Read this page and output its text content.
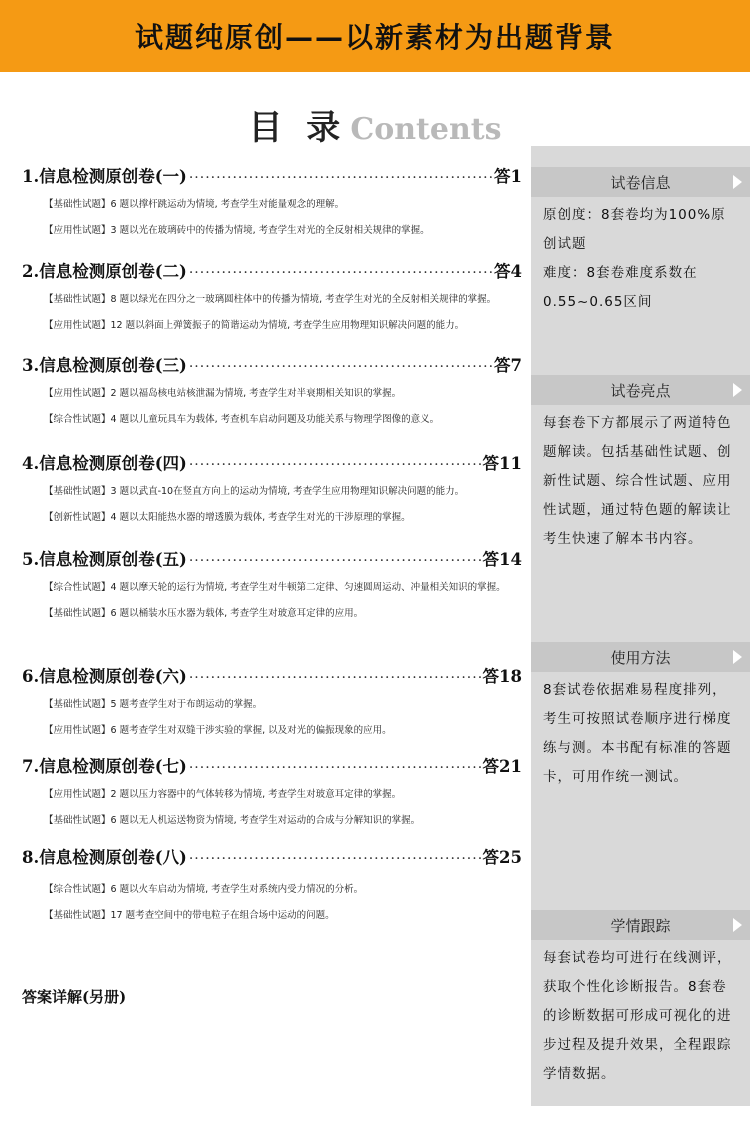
试题纯原创——以新素材为出题背景
目 录 Contents
1.信息检测原创卷(一) ·····	答1
【基础性试题】6 题以撑杆跳运动为情境, 考查学生对能量观念的理解。
【应用性试题】3 题以光在玻璃砖中的传播为情境, 考查学生对光的全反射相关规律的掌握。
2.信息检测原创卷(二) ·····	答4
【基础性试题】8 题以绿光在四分之一玻璃圆柱体中的传播为情境, 考查学生对光的全反射相关规律的掌握。
【应用性试题】12 题以斜面上弹簧振子的简谐运动为情境, 考查学生应用物理知识解决问题的能力。
3.信息检测原创卷(三) ·····	答7
【应用性试题】2 题以福岛核电站核泄漏为情境, 考查学生对半衰期相关知识的掌握。
【综合性试题】4 题以儿童玩具车为载体, 考查机车启动问题及功能关系与物理学图像的意义。
4.信息检测原创卷(四) ·····	答11
【基础性试题】3 题以武直-10在竖直方向上的运动为情境, 考查学生应用物理知识解决问题的能力。
【创新性试题】4 题以太阳能热水器的增透膜为载体, 考查学生对光的干涉原理的掌握。
5.信息检测原创卷(五) ·····	答14
【综合性试题】4 题以摩天轮的运行为情境, 考查学生对牛顿第二定律、匀速圆周运动、冲量相关知识的掌握。
【基础性试题】6 题以桶装水压水器为载体, 考查学生对玻意耳定律的应用。
6.信息检测原创卷(六) ·····	答18
【基础性试题】5 题考查学生对于布朗运动的掌握。
【应用性试题】6 题考查学生对双缝干涉实验的掌握, 以及对光的偏振现象的应用。
7.信息检测原创卷(七) ·····	答21
【应用性试题】2 题以压力容器中的气体转移为情境, 考查学生对玻意耳定律的掌握。
【基础性试题】6 题以无人机运送物资为情境, 考查学生对运动的合成与分解知识的掌握。
8.信息检测原创卷(八) ·····	答25
【综合性试题】6 题以火车启动为情境, 考查学生对系统内受力情况的分析。
【基础性试题】17 题考查空间中的带电粒子在组合场中运动的问题。
答案详解(另册)
试卷信息
原创度：8套卷均为100%原创试题
难度：8套卷难度系数在0.55~0.65区间
试卷亮点
每套卷下方都展示了两道特色题解读。包括基础性试题、创新性试题、综合性试题、应用性试题，通过特色题的解读让考生快速了解本书内容。
使用方法
8套试卷依据难易程度排列，考生可按照试卷顺序进行梯度练与测。本书配有标准的答题卡，可用作统一测试。
学情跟踪
每套试卷均可进行在线测评，获取个性化诊断报告。8套卷的诊断数据可形成可视化的进步过程及提升效果，全程跟踪学情数据。
